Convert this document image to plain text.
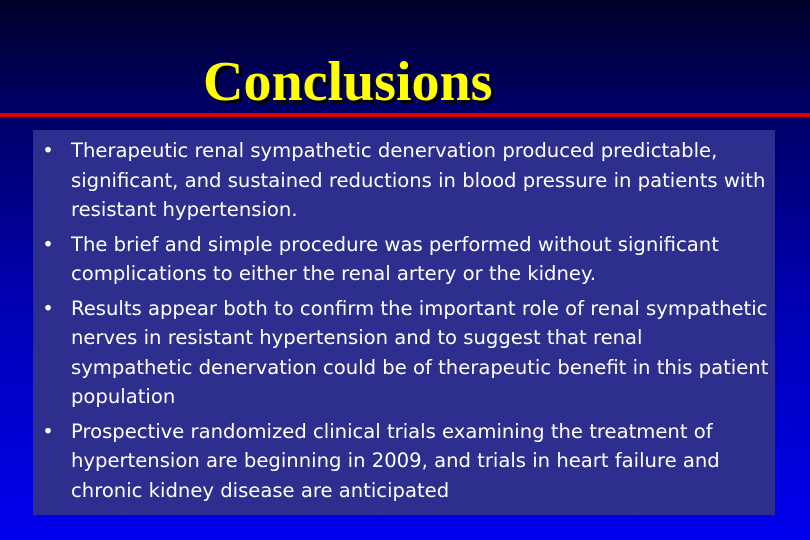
Conclusions
• Therapeutic renal sympathetic denervation produced predictable, significant, and sustained reductions in blood pressure in patients with resistant hypertension.
• The brief and simple procedure was performed without significant complications to either the renal artery or the kidney.
• Results appear both to confirm the important role of renal sympathetic nerves in resistant hypertension and to suggest that renal sympathetic denervation could be of therapeutic benefit in this patient population
• Prospective randomized clinical trials examining the treatment of hypertension are beginning in 2009, and trials in heart failure and chronic kidney disease are anticipated
